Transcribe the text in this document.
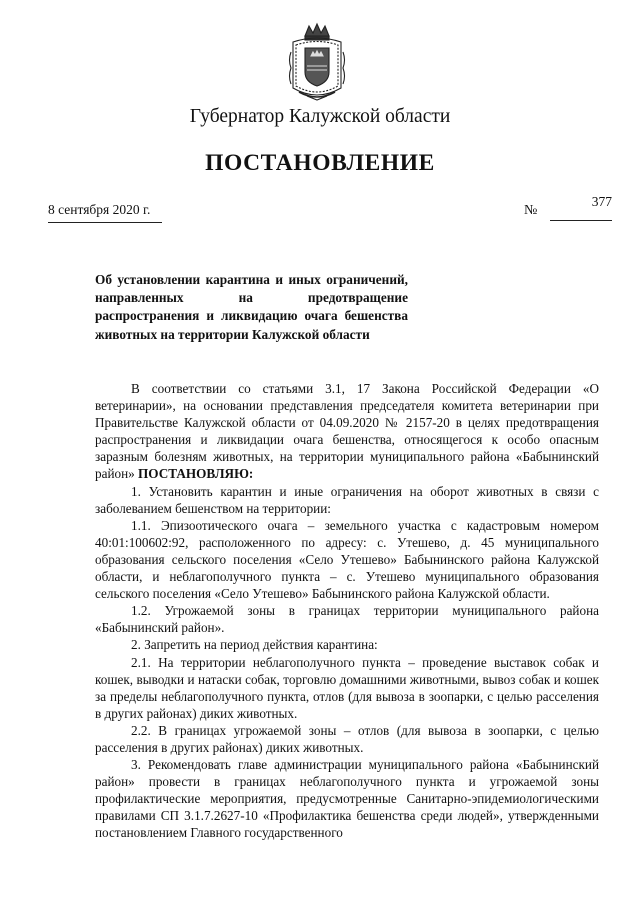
Губернатор Калужской области
ПОСТАНОВЛЕНИЕ
8 сентября 2020 г.	№
377
Об установлении карантина и иных ограничений, направленных на предотвращение распространения и ликвидацию очага бешенства животных на территории Калужской области

В соответствии со статьями 3.1, 17 Закона Российской Федерации «О ветеринарии», на основании представления председателя комитета ветеринарии при Правительстве Калужской области от 04.09.2020 № 2157-20 в целях предотвращения распространения и ликвидации очага бешенства, относящегося к особо опасным заразным болезням животных, на территории муниципального района «Бабынинский район» ПОСТАНОВЛЯЮ:

1. Установить карантин и иные ограничения на оборот животных в связи с заболеванием бешенством на территории:

1.1. Эпизоотического очага – земельного участка с кадастровым номером 40:01:100602:92, расположенного по адресу: с. Утешево, д. 45 муниципального образования сельского поселения «Село Утешево» Бабынинского района Калужской области, и неблагополучного пункта – с. Утешево муниципального образования сельского поселения «Село Утешево» Бабынинского района Калужской области.

1.2. Угрожаемой зоны в границах территории муниципального района «Бабынинский район».

2. Запретить на период действия карантина:

2.1. На территории неблагополучного пункта – проведение выставок собак и кошек, выводки и натаски собак, торговлю домашними животными, вывоз собак и кошек за пределы неблагополучного пункта, отлов (для вывоза в зоопарки, с целью расселения в других районах) диких животных.

2.2. В границах угрожаемой зоны – отлов (для вывоза в зоопарки, с целью расселения в других районах) диких животных.

3. Рекомендовать главе администрации муниципального района «Бабынинский район» провести в границах неблагополучного пункта и угрожаемой зоны профилактические мероприятия, предусмотренные Санитарно-эпидемиологическими правилами СП 3.1.7.2627-10 «Профилактика бешенства среди людей», утвержденными постановлением Главного государственного
